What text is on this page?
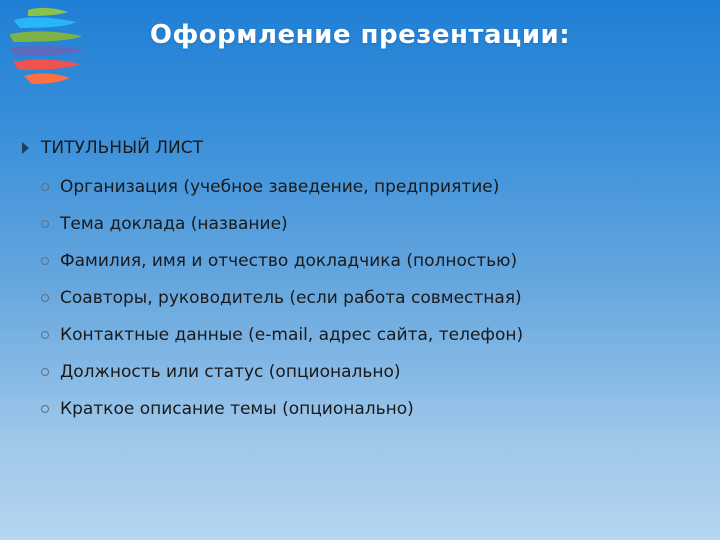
Оформление презентации:
ТИТУЛЬНЫЙ ЛИСТ
Организация (учебное заведение, предприятие)
Тема доклада (название)
Фамилия, имя и отчество докладчика (полностью)
Соавторы, руководитель (если работа совместная)
Контактные данные (e-mail, адрес сайта, телефон)
Должность или статус (опционально)
Краткое описание темы (опционально)
